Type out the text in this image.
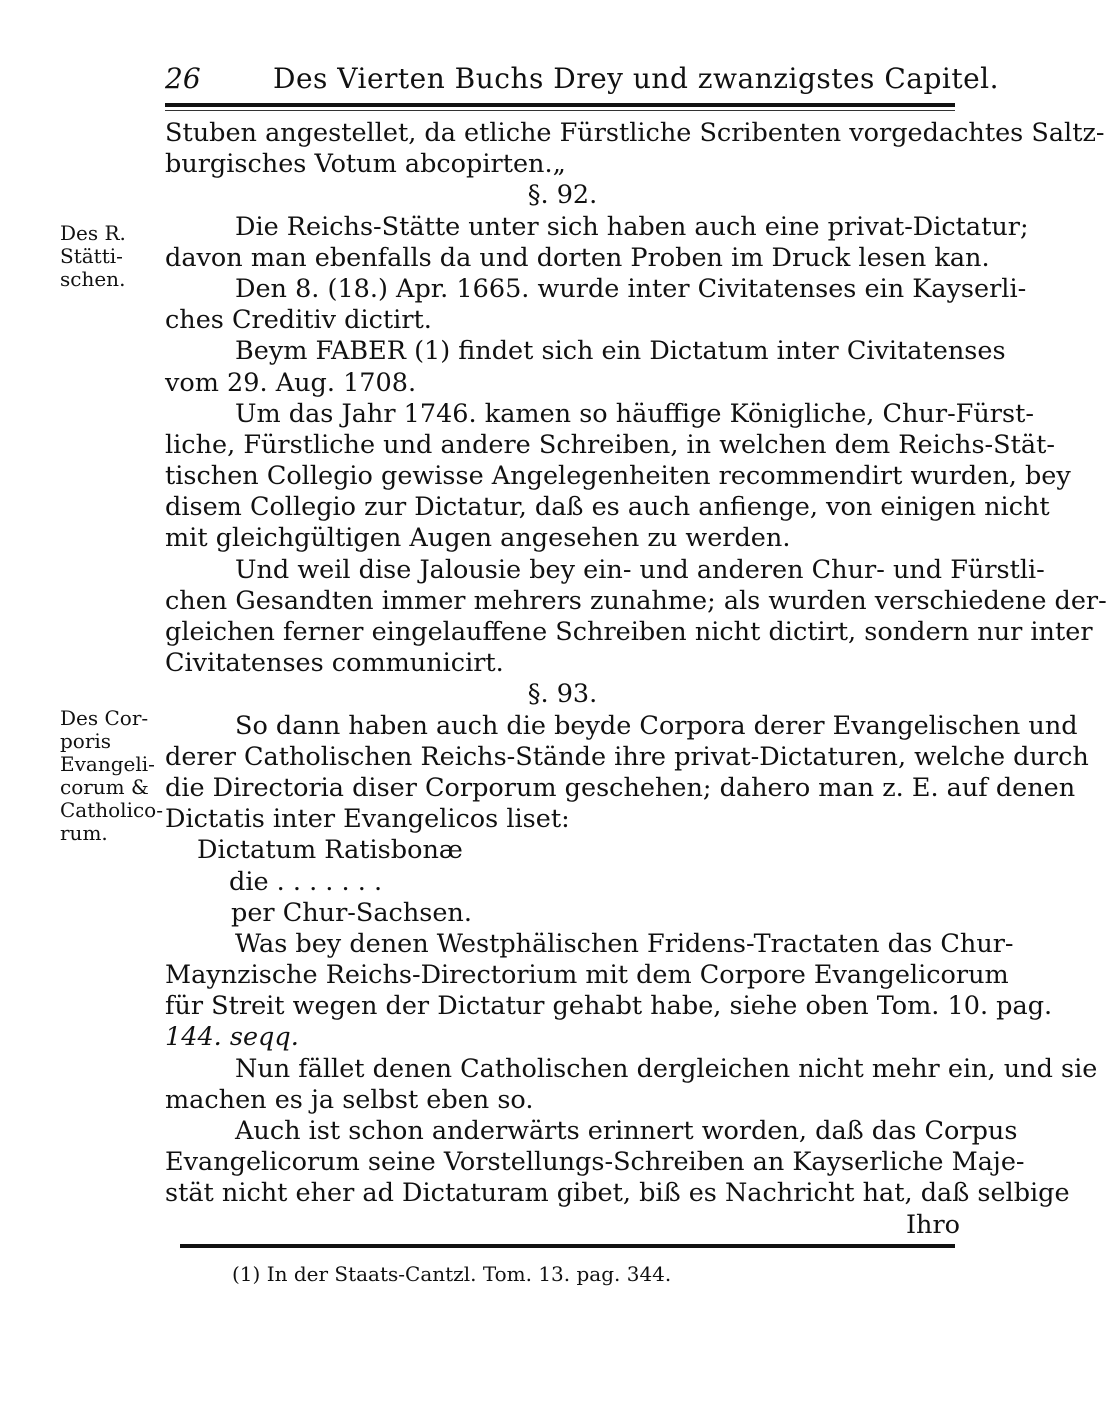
26	Des Vierten Buchs Drey und zwanzigstes Capitel.
Des R.
Stätti-
schen.
Des Cor-
poris
Evangeli-
corum &
Catholico-
rum.
Stuben angestellet, da etliche Fürstliche Scribenten vorgedachtes Saltz-
burgisches Votum abcopirten.„
§. 92.
Die Reichs-Stätte unter sich haben auch eine privat-Dictatur;
davon man ebenfalls da und dorten Proben im Druck lesen kan.
Den 8. (18.) Apr. 1665. wurde inter Civitatenses ein Kayserli-
ches Creditiv dictirt.
Beym FABER (1) findet sich ein Dictatum inter Civitatenses
vom 29. Aug. 1708.
Um das Jahr 1746. kamen so häuffige Königliche, Chur-Fürst-
liche, Fürstliche und andere Schreiben, in welchen dem Reichs-Stät-
tischen Collegio gewisse Angelegenheiten recommendirt wurden, bey
disem Collegio zur Dictatur, daß es auch anfienge, von einigen nicht
mit gleichgültigen Augen angesehen zu werden.
Und weil dise Jalousie bey ein- und anderen Chur- und Fürstli-
chen Gesandten immer mehrers zunahme; als wurden verschiedene der-
gleichen ferner eingelauffene Schreiben nicht dictirt, sondern nur inter
Civitatenses communicirt.
§. 93.
So dann haben auch die beyde Corpora derer Evangelischen und
derer Catholischen Reichs-Stände ihre privat-Dictaturen, welche durch
die Directoria diser Corporum geschehen; dahero man z. E. auf denen
Dictatis inter Evangelicos liset:
Dictatum Ratisbonæ
die . . . . . . .
per Chur-Sachsen.
Was bey denen Westphälischen Fridens-Tractaten das Chur-
Maynzische Reichs-Directorium mit dem Corpore Evangelicorum
für Streit wegen der Dictatur gehabt habe, siehe oben Tom. 10. pag.
144. seqq.
Nun fället denen Catholischen dergleichen nicht mehr ein, und sie
machen es ja selbst eben so.
Auch ist schon anderwärts erinnert worden, daß das Corpus
Evangelicorum seine Vorstellungs-Schreiben an Kayserliche Maje-
stät nicht eher ad Dictaturam gibet, biß es Nachricht hat, daß selbige
Ihro
(1) In der Staats-Cantzl. Tom. 13. pag. 344.
